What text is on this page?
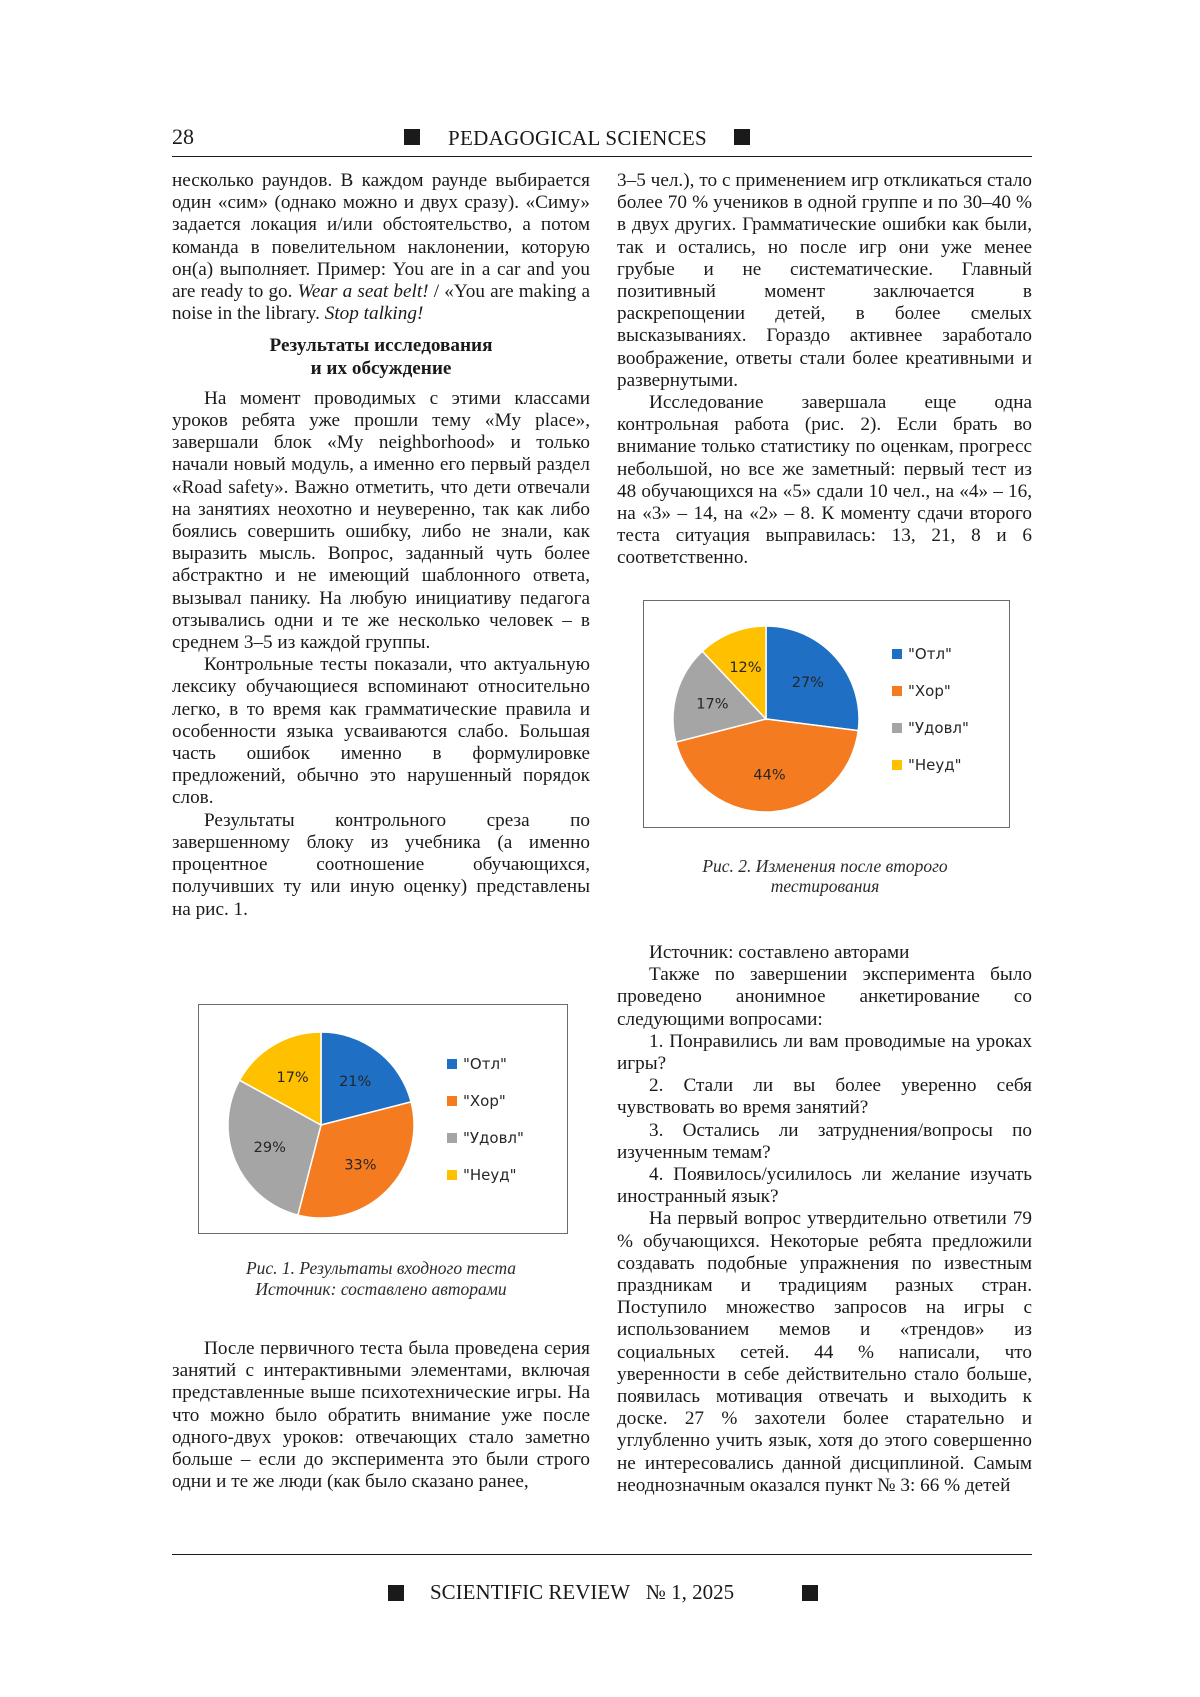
28	PEDAGOGICAL SCIENCES

несколько раундов. В каждом раунде выбирается один «сим» (однако можно и двух сразу). «Симу» задается локация и/или обстоятельство, а потом команда в повелительном наклонении, которую он(а) выполняет. Пример: You are in a car and you are ready to go. Wear a seat belt! / «You are making a noise in the library. Stop talking!

Результаты исследования
и их обсуждение

На момент проводимых с этими классами уроков ребята уже прошли тему «My place», завершали блок «My neighborhood» и только начали новый модуль, а именно его первый раздел «Road safety». Важно отметить, что дети отвечали на занятиях неохотно и неуверенно, так как либо боялись совершить ошибку, либо не знали, как выразить мысль. Вопрос, заданный чуть более абстрактно и не имеющий шаблонного ответа, вызывал панику. На любую инициативу педагога отзывались одни и те же несколько человек – в среднем 3–5 из каждой группы.

Контрольные тесты показали, что актуальную лексику обучающиеся вспоминают относительно легко, в то время как грамматические правила и особенности языка усваиваются слабо. Большая часть ошибок именно в формулировке предложений, обычно это нарушенный порядок слов.

Результаты контрольного среза по завершенному блоку из учебника (а именно процентное соотношение обучающихся, получивших ту или иную оценку) представлены на рис. 1.

21%
33%
29%
17%
"Отл"
"Хор"
"Удовл"
"Неуд"
Рис. 1. Результаты входного теста
Источник: составлено авторами

После первичного теста была проведена серия занятий с интерактивными элементами, включая представленные выше психотехнические игры. На что можно было обратить внимание уже после одного-двух уроков: отвечающих стало заметно больше – если до эксперимента это были строго одни и те же люди (как было сказано ранее,

3–5 чел.), то с применением игр откликаться стало более 70 % учеников в одной группе и по 30–40 % в двух других. Грамматические ошибки как были, так и остались, но после игр они уже менее грубые и не систематические. Главный позитивный момент заключается в раскрепощении детей, в более смелых высказываниях. Гораздо активнее заработало воображение, ответы стали более креативными и развернутыми.

Исследование завершала еще одна контрольная работа (рис. 2). Если брать во внимание только статистику по оценкам, прогресс небольшой, но все же заметный: первый тест из 48 обучающихся на «5» сдали 10 чел., на «4» – 16, на «3» – 14, на «2» – 8. К моменту сдачи второго теста ситуация выправилась: 13, 21, 8 и 6 соответственно.

27%
44%
17%
12%
"Отл"
"Хор"
"Удовл"
"Неуд"
Рис. 2. Изменения после второго тестирования

Источник: составлено авторами

Также по завершении эксперимента было проведено анонимное анкетирование со следующими вопросами:

1. Понравились ли вам проводимые на уроках игры?

2. Стали ли вы более уверенно себя чувствовать во время занятий?

3. Остались ли затруднения/вопросы по изученным темам?

4. Появилось/усилилось ли желание изучать иностранный язык?

На первый вопрос утвердительно ответили 79 % обучающихся. Некоторые ребята предложили создавать подобные упражнения по известным праздникам и традициям разных стран. Поступило множество запросов на игры с использованием мемов и «трендов» из социальных сетей. 44 % написали, что уверенности в себе действительно стало больше, появилась мотивация отвечать и выходить к доске. 27 % захотели более старательно и углубленно учить язык, хотя до этого совершенно не интересовались данной дисциплиной. Самым неоднозначным оказался пункт № 3: 66 % детей

SCIENTIFIC REVIEW № 1, 2025
